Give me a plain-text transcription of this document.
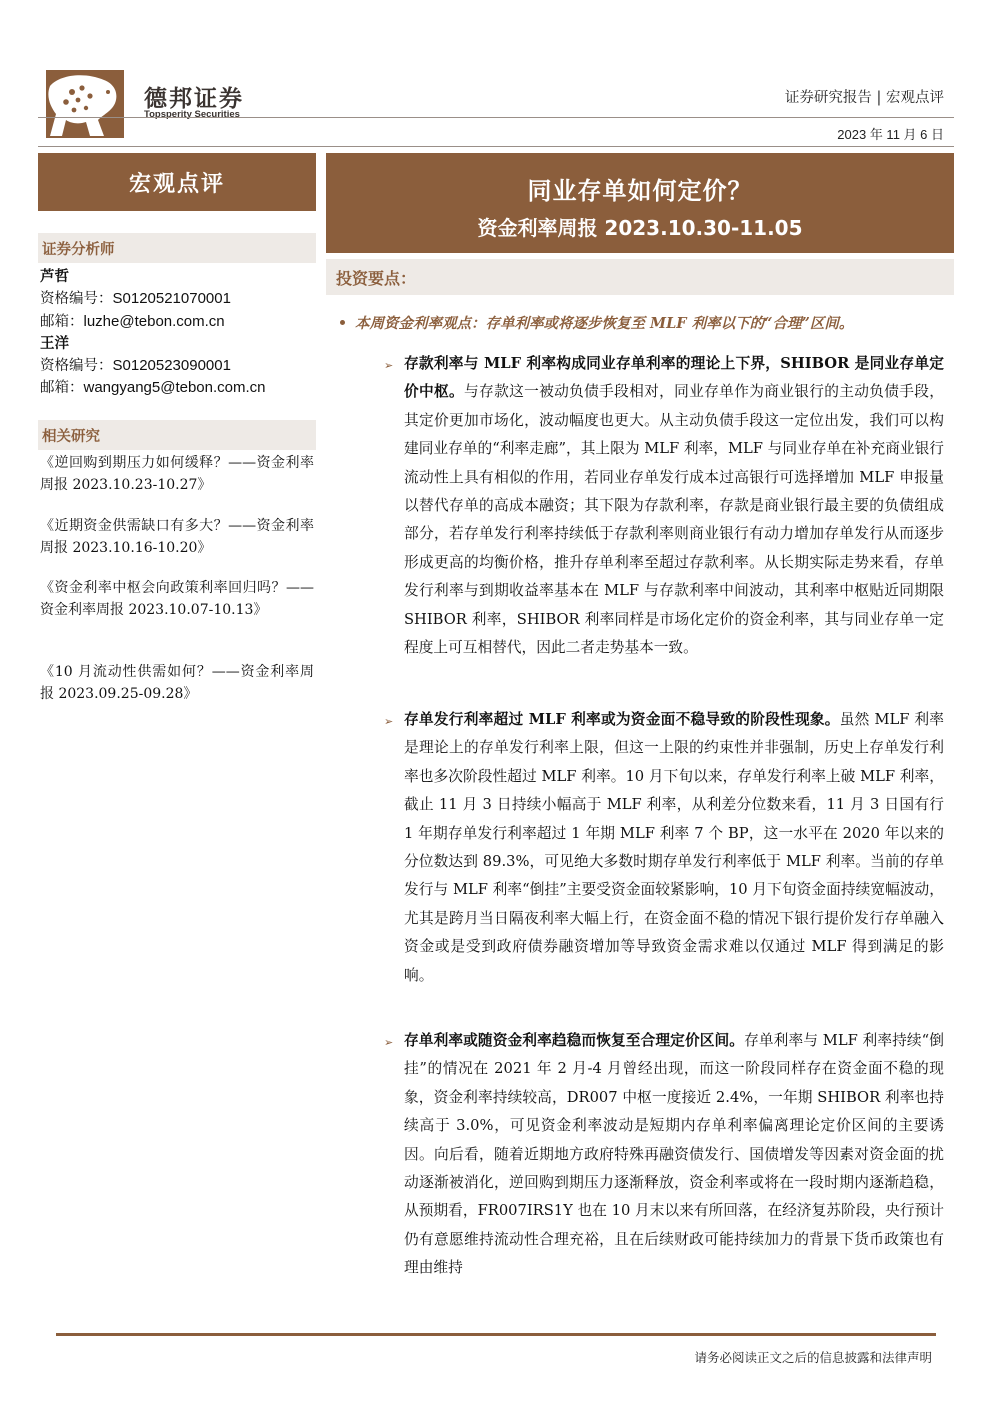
德邦证券
Topsperity Securities
证券研究报告 | 宏观点评
2023 年 11 月 6 日
宏观点评
证券分析师
芦哲
资格编号：S0120521070001
邮箱：luzhe@tebon.com.cn
王洋
资格编号：S0120523090001
邮箱：wangyang5@tebon.com.cn
相关研究
《逆回购到期压力如何缓释？——资金利率周报 2023.10.23-10.27》
《近期资金供需缺口有多大？——资金利率周报 2023.10.16-10.20》
《资金利率中枢会向政策利率回归吗？——资金利率周报 2023.10.07-10.13》
《10 月流动性供需如何？——资金利率周报 2023.09.25-09.28》
同业存单如何定价？
资金利率周报 2023.10.30-11.05
投资要点：
本周资金利率观点：存单利率或将逐步恢复至 MLF 利率以下的“合理”区间。
➢ 存款利率与 MLF 利率构成同业存单利率的理论上下界，SHIBOR 是同业存单定价中枢。与存款这一被动负债手段相对，同业存单作为商业银行的主动负债手段，其定价更加市场化，波动幅度也更大。从主动负债手段这一定位出发，我们可以构建同业存单的“利率走廊”，其上限为 MLF 利率，MLF 与同业存单在补充商业银行流动性上具有相似的作用，若同业存单发行成本过高银行可选择增加 MLF 申报量以替代存单的高成本融资；其下限为存款利率，存款是商业银行最主要的负债组成部分，若存单发行利率持续低于存款利率则商业银行有动力增加存单发行从而逐步形成更高的均衡价格，推升存单利率至超过存款利率。从长期实际走势来看，存单发行利率与到期收益率基本在 MLF 与存款利率中间波动，其利率中枢贴近同期限 SHIBOR 利率，SHIBOR 利率同样是市场化定价的资金利率，其与同业存单一定程度上可互相替代，因此二者走势基本一致。
➢ 存单发行利率超过 MLF 利率或为资金面不稳导致的阶段性现象。虽然 MLF 利率是理论上的存单发行利率上限，但这一上限的约束性并非强制，历史上存单发行利率也多次阶段性超过 MLF 利率。10 月下旬以来，存单发行利率上破 MLF 利率，截止 11 月 3 日持续小幅高于 MLF 利率，从利差分位数来看，11 月 3 日国有行 1 年期存单发行利率超过 1 年期 MLF 利率 7 个 BP，这一水平在 2020 年以来的分位数达到 89.3%，可见绝大多数时期存单发行利率低于 MLF 利率。当前的存单发行与 MLF 利率“倒挂”主要受资金面较紧影响，10 月下旬资金面持续宽幅波动，尤其是跨月当日隔夜利率大幅上行，在资金面不稳的情况下银行提价发行存单融入资金或是受到政府债券融资增加等导致资金需求难以仅通过 MLF 得到满足的影响。
➢ 存单利率或随资金利率趋稳而恢复至合理定价区间。存单利率与 MLF 利率持续“倒挂”的情况在 2021 年 2 月-4 月曾经出现，而这一阶段同样存在资金面不稳的现象，资金利率持续较高，DR007 中枢一度接近 2.4%，一年期 SHIBOR 利率也持续高于 3.0%，可见资金利率波动是短期内存单利率偏离理论定价区间的主要诱因。向后看，随着近期地方政府特殊再融资债发行、国债增发等因素对资金面的扰动逐渐被消化，逆回购到期压力逐渐释放，资金利率或将在一段时期内逐渐趋稳，从预期看，FR007IRS1Y 也在 10 月末以来有所回落，在经济复苏阶段，央行预计仍有意愿维持流动性合理充裕，且在后续财政可能持续加力的背景下货币政策也有理由维持
请务必阅读正文之后的信息披露和法律声明
